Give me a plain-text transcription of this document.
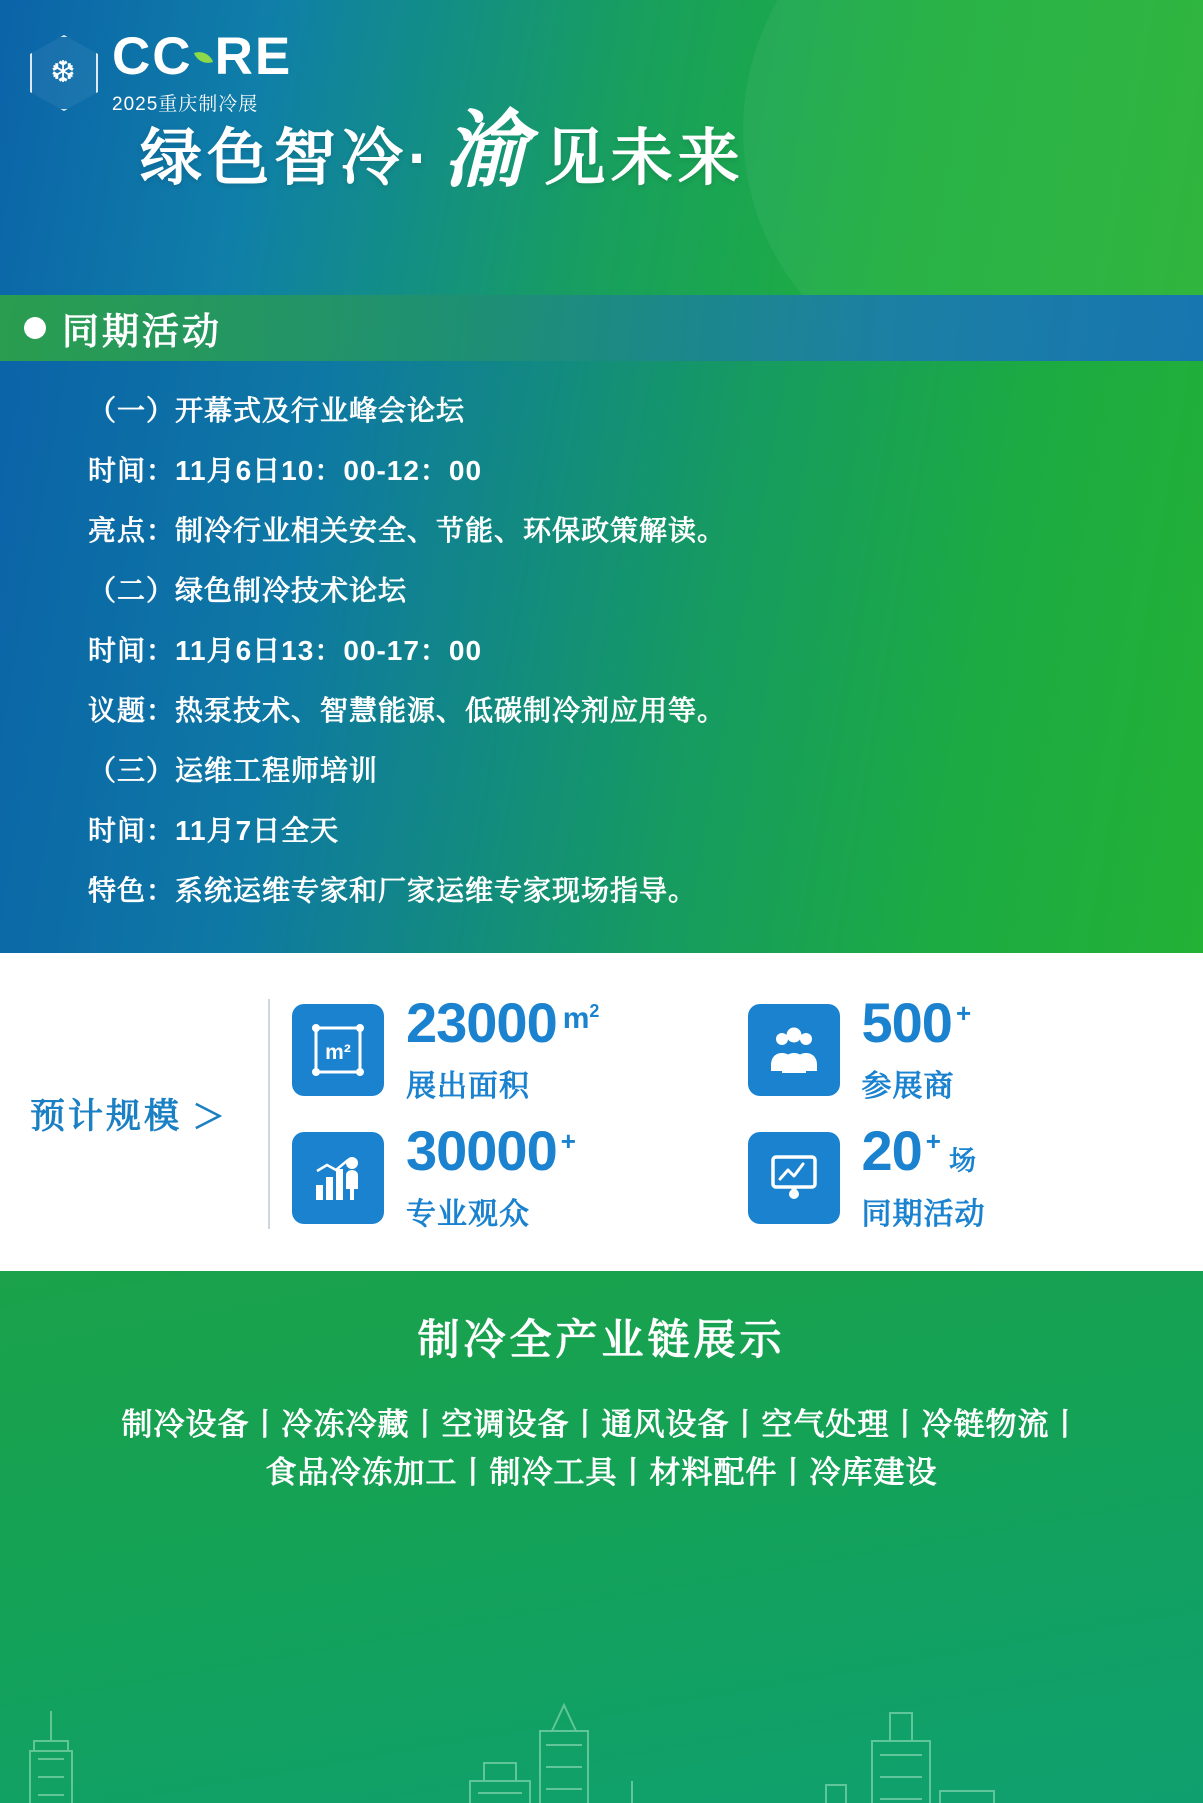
❆ C C R E
2025重庆制冷展
绿色智冷· 渝 见未来
同期活动
（一）开幕式及行业峰会论坛
时间：11月6日10：00-12：00
亮点：制冷行业相关安全、节能、环保政策解读。
（二）绿色制冷技术论坛
时间：11月6日13：00-17：00
议题：热泵技术、智慧能源、低碳制冷剂应用等。
（三）运维工程师培训
时间：11月7日全天
特色：系统运维专家和厂家运维专家现场指导。
预计规模 ＞
m² 23000 $m^2$
展出面积
500 +
参展商
30000 +
专业观众
20 +
场
同期活动
制冷全产业链展示
制冷设备丨冷冻冷藏丨空调设备丨通风设备丨空气处理丨冷链物流丨
食品冷冻加工丨制冷工具丨材料配件丨冷库建设
